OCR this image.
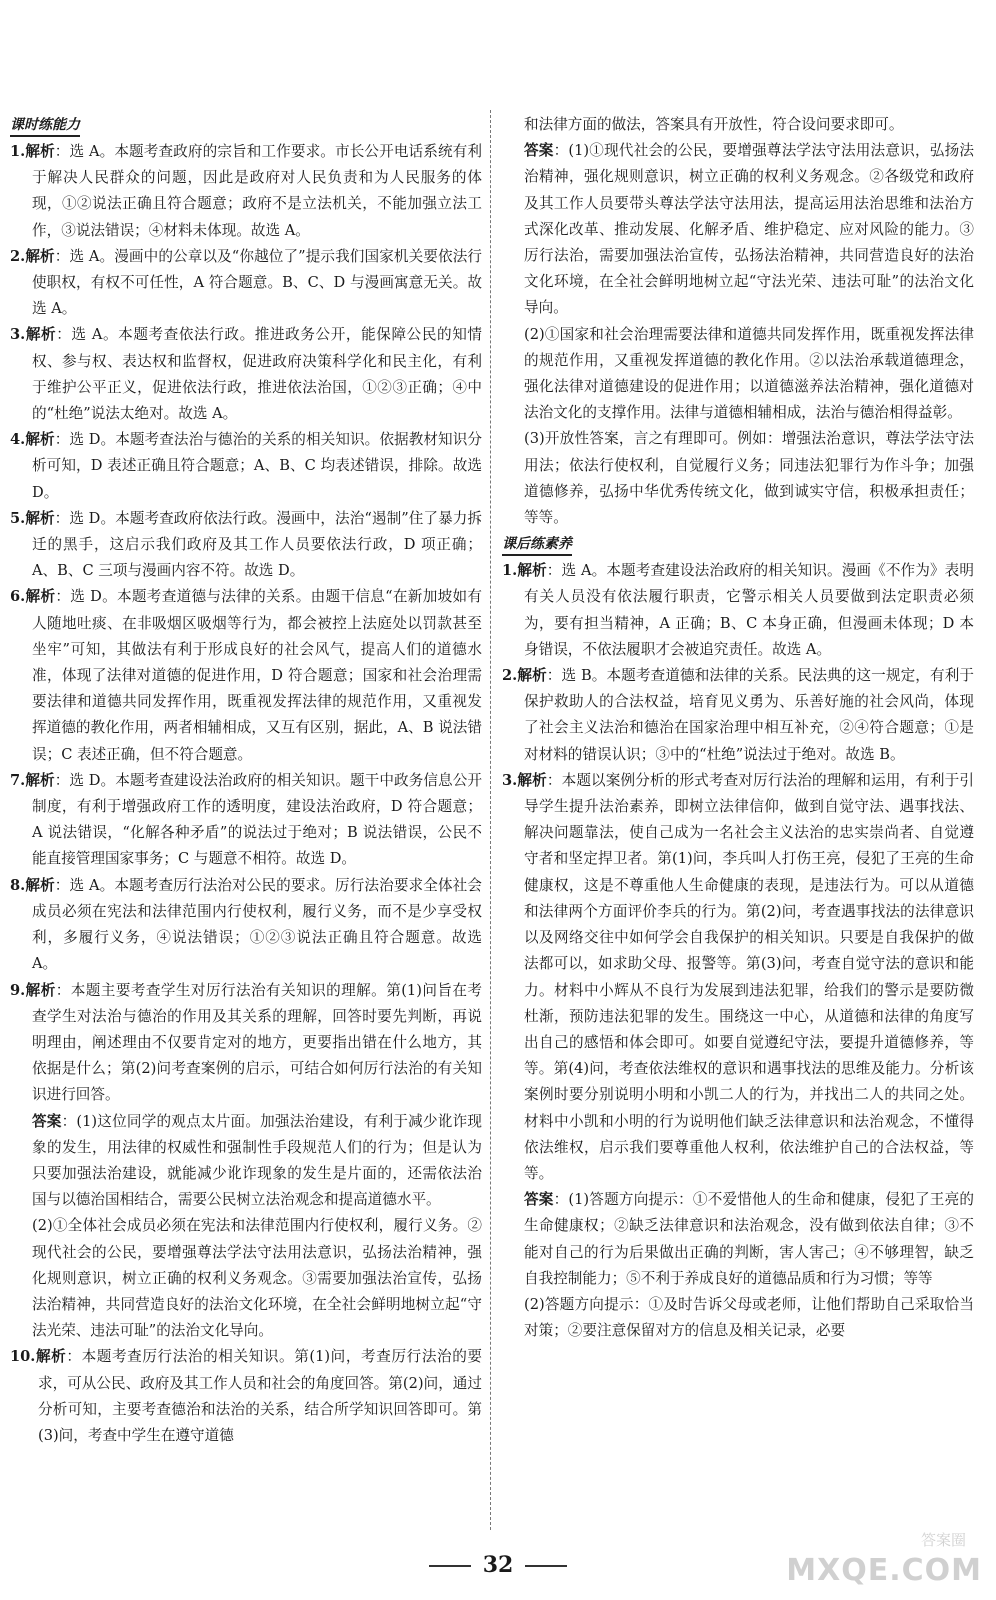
课时练能力

1.解析：选 A。本题考查政府的宗旨和工作要求。市长公开电话系统有利于解决人民群众的问题，因此是政府对人民负责和为人民服务的体现，①②说法正确且符合题意；政府不是立法机关，不能加强立法工作，③说法错误；④材料未体现。故选 A。

2.解析：选 A。漫画中的公章以及“你越位了”提示我们国家机关要依法行使职权，有权不可任性，A 符合题意。B、C、D 与漫画寓意无关。故选 A。

3.解析：选 A。本题考查依法行政。推进政务公开，能保障公民的知情权、参与权、表达权和监督权，促进政府决策科学化和民主化，有利于维护公平正义，促进依法行政，推进依法治国，①②③正确；④中的“杜绝”说法太绝对。故选 A。

4.解析：选 D。本题考查法治与德治的关系的相关知识。依据教材知识分析可知，D 表述正确且符合题意；A、B、C 均表述错误，排除。故选 D。

5.解析：选 D。本题考查政府依法行政。漫画中，法治“遏制”住了暴力拆迁的黑手，这启示我们政府及其工作人员要依法行政，D 项正确；A、B、C 三项与漫画内容不符。故选 D。

6.解析：选 D。本题考查道德与法律的关系。由题干信息“在新加坡如有人随地吐痰、在非吸烟区吸烟等行为，都会被控上法庭处以罚款甚至坐牢”可知，其做法有利于形成良好的社会风气，提高人们的道德水准，体现了法律对道德的促进作用，D 符合题意；国家和社会治理需要法律和道德共同发挥作用，既重视发挥法律的规范作用，又重视发挥道德的教化作用，两者相辅相成，又互有区别，据此，A、B 说法错误；C 表述正确，但不符合题意。

7.解析：选 D。本题考查建设法治政府的相关知识。题干中政务信息公开制度，有利于增强政府工作的透明度，建设法治政府，D 符合题意；A 说法错误，“化解各种矛盾”的说法过于绝对；B 说法错误，公民不能直接管理国家事务；C 与题意不相符。故选 D。

8.解析：选 A。本题考查厉行法治对公民的要求。厉行法治要求全体社会成员必须在宪法和法律范围内行使权利，履行义务，而不是少享受权利，多履行义务，④说法错误；①②③说法正确且符合题意。故选 A。

9.解析：本题主要考查学生对厉行法治有关知识的理解。第(1)问旨在考查学生对法治与德治的作用及其关系的理解，回答时要先判断，再说明理由，阐述理由不仅要肯定对的地方，更要指出错在什么地方，其依据是什么；第(2)问考查案例的启示，可结合如何厉行法治的有关知识进行回答。

答案：(1)这位同学的观点太片面。加强法治建设，有利于减少讹诈现象的发生，用法律的权威性和强制性手段规范人们的行为；但是认为只要加强法治建设，就能减少讹诈现象的发生是片面的，还需依法治国与以德治国相结合，需要公民树立法治观念和提高道德水平。

(2)①全体社会成员必须在宪法和法律范围内行使权利，履行义务。②现代社会的公民，要增强尊法学法守法用法意识，弘扬法治精神，强化规则意识，树立正确的权利义务观念。③需要加强法治宣传，弘扬法治精神，共同营造良好的法治文化环境，在全社会鲜明地树立起“守法光荣、违法可耻”的法治文化导向。

10.解析：本题考查厉行法治的相关知识。第(1)问，考查厉行法治的要求，可从公民、政府及其工作人员和社会的角度回答。第(2)问，通过分析可知，主要考查德治和法治的关系，结合所学知识回答即可。第(3)问，考查中学生在遵守道德

和法律方面的做法，答案具有开放性，符合设问要求即可。

答案：(1)①现代社会的公民，要增强尊法学法守法用法意识，弘扬法治精神，强化规则意识，树立正确的权利义务观念。②各级党和政府及其工作人员要带头尊法学法守法用法，提高运用法治思维和法治方式深化改革、推动发展、化解矛盾、维护稳定、应对风险的能力。③厉行法治，需要加强法治宣传，弘扬法治精神，共同营造良好的法治文化环境，在全社会鲜明地树立起“守法光荣、违法可耻”的法治文化导向。

(2)①国家和社会治理需要法律和道德共同发挥作用，既重视发挥法律的规范作用，又重视发挥道德的教化作用。②以法治承载道德理念，强化法律对道德建设的促进作用；以道德滋养法治精神，强化道德对法治文化的支撑作用。法律与道德相辅相成，法治与德治相得益彰。

(3)开放性答案，言之有理即可。例如：增强法治意识，尊法学法守法用法；依法行使权利，自觉履行义务；同违法犯罪行为作斗争；加强道德修养，弘扬中华优秀传统文化，做到诚实守信，积极承担责任；等等。

课后练素养

1.解析：选 A。本题考查建设法治政府的相关知识。漫画《不作为》表明有关人员没有依法履行职责，它警示相关人员要做到法定职责必须为，要有担当精神，A 正确；B、C 本身正确，但漫画未体现；D 本身错误，不依法履职才会被追究责任。故选 A。

2.解析：选 B。本题考查道德和法律的关系。民法典的这一规定，有利于保护救助人的合法权益，培育见义勇为、乐善好施的社会风尚，体现了社会主义法治和德治在国家治理中相互补充，②④符合题意；①是对材料的错误认识；③中的“杜绝”说法过于绝对。故选 B。

3.解析：本题以案例分析的形式考查对厉行法治的理解和运用，有利于引导学生提升法治素养，即树立法律信仰，做到自觉守法、遇事找法、解决问题靠法，使自己成为一名社会主义法治的忠实崇尚者、自觉遵守者和坚定捍卫者。第(1)问，李兵叫人打伤王亮，侵犯了王亮的生命健康权，这是不尊重他人生命健康的表现，是违法行为。可以从道德和法律两个方面评价李兵的行为。第(2)问，考查遇事找法的法律意识以及网络交往中如何学会自我保护的相关知识。只要是自我保护的做法都可以，如求助父母、报警等。第(3)问，考查自觉守法的意识和能力。材料中小辉从不良行为发展到违法犯罪，给我们的警示是要防微杜渐，预防违法犯罪的发生。围绕这一中心，从道德和法律的角度写出自己的感悟和体会即可。如要自觉遵纪守法，要提升道德修养，等等。第(4)问，考查依法维权的意识和遇事找法的思维及能力。分析该案例时要分别说明小明和小凯二人的行为，并找出二人的共同之处。材料中小凯和小明的行为说明他们缺乏法律意识和法治观念，不懂得依法维权，启示我们要尊重他人权利，依法维护自己的合法权益，等等。

答案：(1)答题方向提示：①不爱惜他人的生命和健康，侵犯了王亮的生命健康权；②缺乏法律意识和法治观念，没有做到依法自律；③不能对自己的行为后果做出正确的判断，害人害己；④不够理智，缺乏自我控制能力；⑤不利于养成良好的道德品质和行为习惯；等等

(2)答题方向提示：①及时告诉父母或老师，让他们帮助自己采取恰当对策；②要注意保留对方的信息及相关记录，必要

32
答案圈
MXQE.COM
